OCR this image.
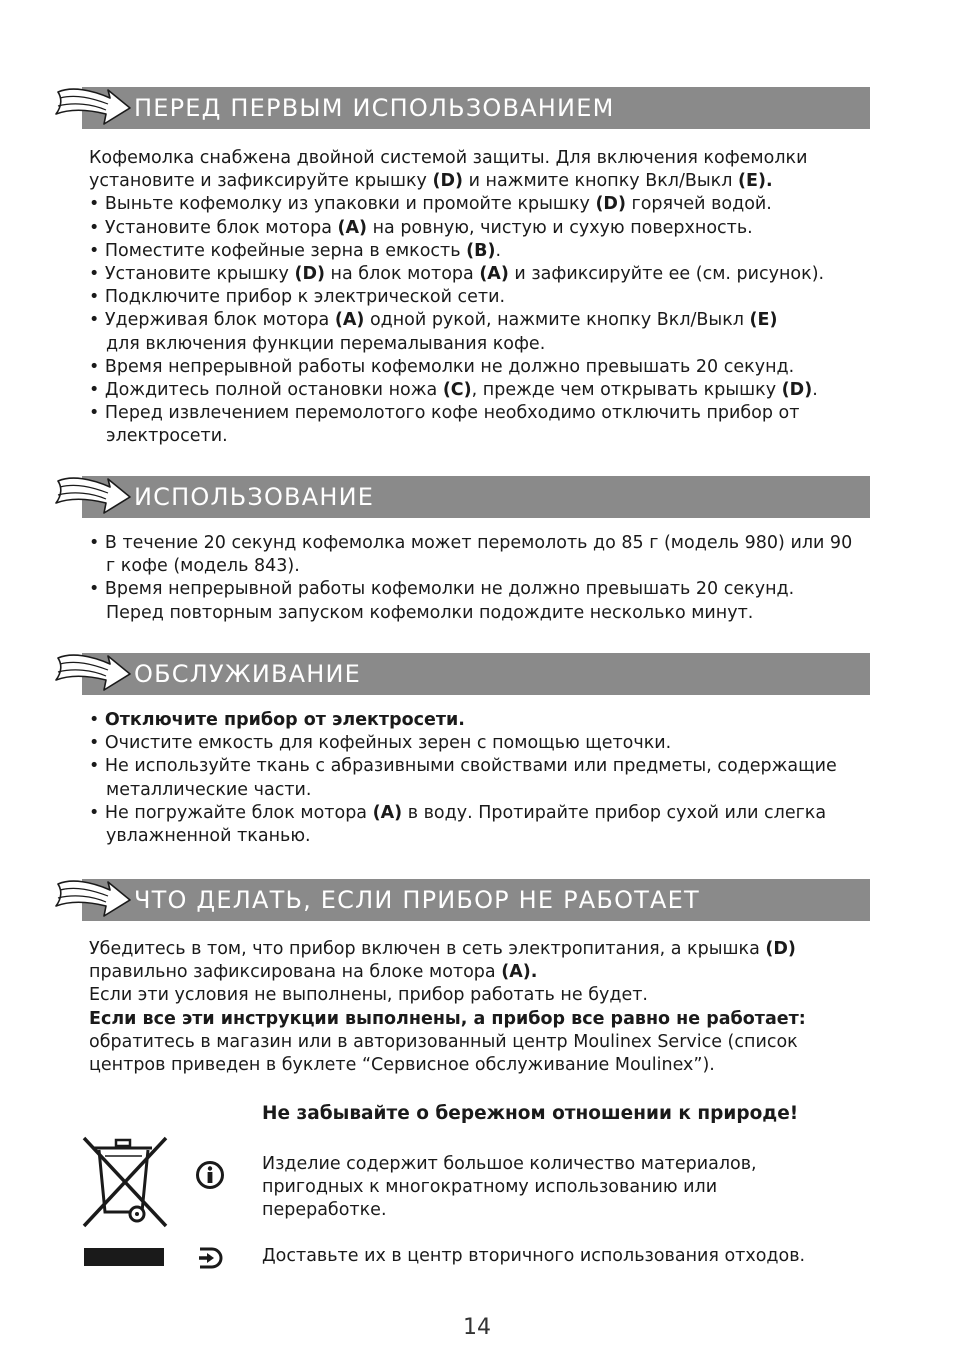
ПЕРЕД ПЕРВЫМ ИСПОЛЬЗОВАНИЕМ

Кофемолка снабжена двойной системой защиты. Для включения кофемолки

установите и зафиксируйте крышку (D) и нажмите кнопку Вкл/Выкл (E).

• Выньте кофемолку из упаковки и промойте крышку (D) горячей водой.

• Установите блок мотора (A) на ровную, чистую и сухую поверхность.

• Поместите кофейные зерна в емкость (B).

• Установите крышку (D) на блок мотора (A) и зафиксируйте ее (см. рисунок).

• Подключите прибор к электрической сети.

• Удерживая блок мотора (A) одной рукой, нажмите кнопку Вкл/Выкл (E)
для включения функции перемалывания кофе.

• Время непрерывной работы кофемолки не должно превышать 20 секунд.

• Дождитесь полной остановки ножа (C), прежде чем открывать крышку (D).

• Перед извлечением перемолотого кофе необходимо отключить прибор от электросети.

ИСПОЛЬЗОВАНИЕ

• В течение 20 секунд кофемолка может перемолоть до 85 г (модель 980) или 90 г кофе (модель 843).

• Время непрерывной работы кофемолки не должно превышать 20 секунд. Перед повторным запуском кофемолки подождите несколько минут.

ОБСЛУЖИВАНИЕ

• Отключите прибор от электросети.

• Очистите емкость для кофейных зерен с помощью щеточки.

• Не используйте ткань с абразивными свойствами или предметы, содержащие металлические части.

• Не погружайте блок мотора (A) в воду. Протирайте прибор сухой или слегка увлажненной тканью.

ЧТО ДЕЛАТЬ, ЕСЛИ ПРИБОР НЕ РАБОТАЕТ

Убедитесь в том, что прибор включен в сеть электропитания, а крышка (D)
правильно зафиксирована на блоке мотора (A).

Если эти условия не выполнены, прибор работать не будет.

Если все эти инструкции выполнены, а прибор все равно не работает:

обратитесь в магазин или в авторизованный центр Moulinex Service (список центров приведен в буклете “Сервисное обслуживание Moulinex”).

Не забывайте о бережном отношении к природе!
Изделие содержит большое количество материалов, пригодных к многократному использованию или переработке.
Доставьте их в центр вторичного использования отходов.
14
